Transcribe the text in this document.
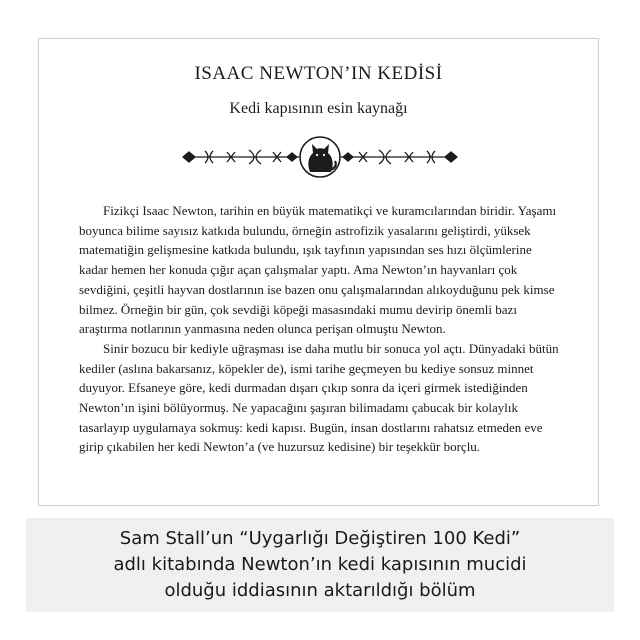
ISAAC NEWTON’IN KEDİSİ
Kedi kapısının esin kaynağı

Fizikçi Isaac Newton, tarihin en büyük matematikçi ve kuramcılarından biridir. Yaşamı boyunca bilime sayısız katkıda bulundu, örneğin astrofizik yasalarını geliştirdi, yüksek matematiğin gelişmesine katkıda bulundu, ışık tayfının yapısından ses hızı ölçümlerine kadar hemen her konuda çığır açan çalışmalar yaptı. Ama Newton’ın hayvanları çok sevdiğini, çeşitli hayvan dostlarının ise bazen onu çalışmalarından alıkoyduğunu pek kimse bilmez. Örneğin bir gün, çok sevdiği köpeği masasındaki mumu devirip önemli bazı araştırma notlarının yanmasına neden olunca perişan olmuştu Newton.

Sinir bozucu bir kediyle uğraşması ise daha mutlu bir sonuca yol açtı. Dünyadaki bütün kediler (aslına bakarsanız, köpekler de), ismi tarihe geçmeyen bu kediye sonsuz minnet duyuyor. Efsaneye göre, kedi durmadan dışarı çıkıp sonra da içeri girmek istediğinden Newton’ın işini bölüyormuş. Ne yapacağını şaşıran bilimadamı çabucak bir kolaylık tasarlayıp uygulamaya sokmuş: kedi kapısı. Bugün, insan dostlarını rahatsız etmeden eve girip çıkabilen her kedi Newton’a (ve huzursuz kedisine) bir teşekkür borçlu.

Sam Stall’un “Uygarlığı Değiştiren 100 Kedi”
adlı kitabında Newton’ın kedi kapısının mucidi
olduğu iddiasının aktarıldığı bölüm
